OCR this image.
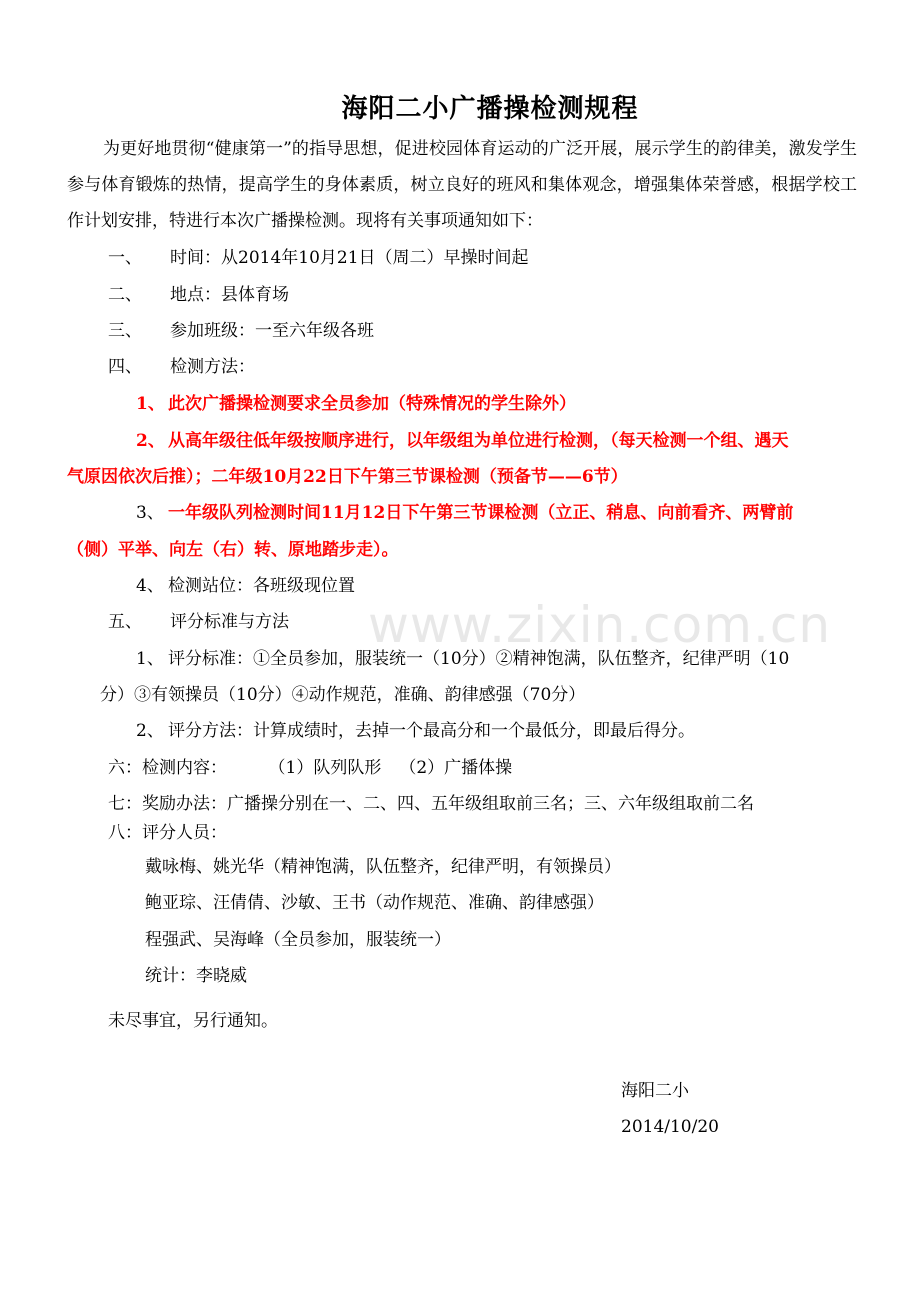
海阳二小广播操检测规程
为更好地贯彻“健康第一”的指导思想，促进校园体育运动的广泛开展，展示学生的韵律美，激发学生参与体育锻炼的热情，提高学生的身体素质，树立良好的班风和集体观念，增强集体荣誉感，根据学校工作计划安排，特进行本次广播操检测。现将有关事项通知如下：
一、 时间：从2014年10月21日（周二）早操时间起
二、 地点：县体育场
三、 参加班级：一至六年级各班
四、 检测方法：
1、 此次广播操检测要求全员参加（特殊情况的学生除外）
2、 从高年级往低年级按顺序进行，以年级组为单位进行检测，（每天检测一个组、遇天
气原因依次后推）；二年级10月22日下午第三节课检测（预备节——6节）
3、 一年级队列检测时间11月12日下午第三节课检测（立正、稍息、向前看齐、两臂前
（侧）平举、向左（右）转、原地踏步走）。
4、 检测站位：各班级现位置
五、 评分标准与方法
1、 评分标准：①全员参加，服装统一（10分）②精神饱满，队伍整齐，纪律严明（10
分）③有领操员（10分）④动作规范，准确、韵律感强（70分）
2、 评分方法：计算成绩时，去掉一个最高分和一个最低分，即最后得分。
六：检测内容：	（1）队列队形 （2）广播体操
七：奖励办法：广播操分别在一、二、四、五年级组取前三名；三、六年级组取前二名
八：评分人员：
戴咏梅、姚光华（精神饱满，队伍整齐，纪律严明，有领操员）
鲍亚琮、汪倩倩、沙敏、王书（动作规范、准确、韵律感强）
程强武、吴海峰（全员参加，服装统一）
统计：李晓威
未尽事宜，另行通知。
海阳二小
2014/10/20
www.zixin.com.cn
